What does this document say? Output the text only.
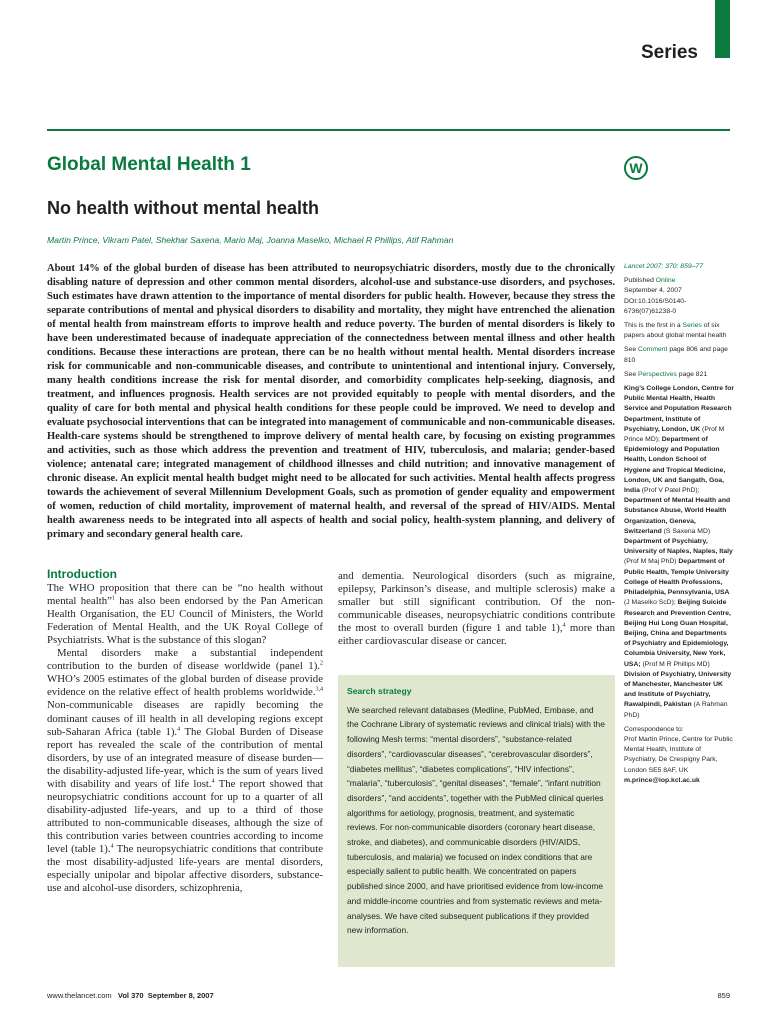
Series
Global Mental Health 1	W
No health without mental health
Martin Prince, Vikram Patel, Shekhar Saxena, Mario Maj, Joanna Maselko, Michael R Phillips, Atif Rahman

About 14% of the global burden of disease has been attributed to neuropsychiatric disorders, mostly due to the chronically disabling nature of depression and other common mental disorders, alcohol-use and substance-use disorders, and psychoses. Such estimates have drawn attention to the importance of mental disorders for public health. However, because they stress the separate contributions of mental and physical disorders to disability and mortality, they might have entrenched the alienation of mental health from mainstream efforts to improve health and reduce poverty. The burden of mental disorders is likely to have been underestimated because of inadequate appreciation of the connectedness between mental illness and other health conditions. Because these interactions are protean, there can be no health without mental health. Mental disorders increase risk for communicable and non-communicable diseases, and contribute to unintentional and intentional injury. Conversely, many health conditions increase the risk for mental disorder, and comorbidity complicates help-seeking, diagnosis, and treatment, and influences prognosis. Health services are not provided equitably to people with mental disorders, and the quality of care for both mental and physical health conditions for these people could be improved. We need to develop and evaluate psychosocial interventions that can be integrated into management of communicable and non-communicable diseases. Health-care systems should be strengthened to improve delivery of mental health care, by focusing on existing programmes and activities, such as those which address the prevention and treatment of HIV, tuberculosis, and malaria; gender-based violence; antenatal care; integrated management of childhood illnesses and child nutrition; and innovative management of chronic disease. An explicit mental health budget might need to be allocated for such activities. Mental health affects progress towards the achievement of several Millennium Development Goals, such as promotion of gender equality and empowerment of women, reduction of child mortality, improvement of maternal health, and reversal of the spread of HIV/AIDS. Mental health awareness needs to be integrated into all aspects of health and social policy, health-system planning, and delivery of primary and secondary general health care.

Introduction

The WHO proposition that there can be “no health without mental health”$^1$ has also been endorsed by the Pan American Health Organisation, the EU Council of Ministers, the World Federation of Mental Health, and the UK Royal College of Psychiatrists. What is the substance of this slogan?

Mental disorders make a substantial independent contribution to the burden of disease worldwide (panel 1).$^2$ WHO’s 2005 estimates of the global burden of disease provide evidence on the relative effect of health problems worldwide.$^{3,4}$ Non-communicable diseases are rapidly becoming the dominant causes of ill health in all developing regions except sub-Saharan Africa (table 1).$^4$ The Global Burden of Disease report has revealed the scale of the contribution of mental disorders, by use of an integrated measure of disease burden—the disability-adjusted life-year, which is the sum of years lived with disability and years of life lost.$^4$ The report showed that neuropsychiatric conditions account for up to a quarter of all disability-adjusted life-years, and up to a third of those attributed to non-communicable diseases, although the size of this contribution varies between countries according to income level (table 1).$^4$ The neuropsychiatric conditions that contribute the most disability-adjusted life-years are mental disorders, especially unipolar and bipolar affective disorders, substance-use and alcohol-use disorders, schizophrenia,

and dementia. Neurological disorders (such as migraine, epilepsy, Parkinson’s disease, and multiple sclerosis) make a smaller but still significant contribution. Of the non-communicable diseases, neuropsychiatric conditions contribute the most to overall burden (figure 1 and table 1),$^4$ more than either cardiovascular disease or cancer.

Search strategy

We searched relevant databases (Medline, PubMed, Embase, and the Cochrane Library of systematic reviews and clinical trials) with the following Mesh terms: “mental disorders”, “substance-related disorders”, “cardiovascular diseases”, “cerebrovascular disorders”, “diabetes mellitus”, “diabetes complications”, “HIV infections”, “malaria”, “tuberculosis”, “genital diseases”, “female”, “infant nutrition disorders”, “and accidents”, together with the PubMed clinical queries algorithms for aetiology, prognosis, treatment, and systematic reviews. For non-communicable disorders (coronary heart disease, stroke, and diabetes), and communicable disorders (HIV/AIDS, tuberculosis, and malaria) we focused on index conditions that are especially salient to public health. We concentrated on papers published since 2000, and have prioritised evidence from low-income and middle-income countries and from systematic reviews and meta-analyses. We have cited subsequent publications if they provided new information.

Lancet 2007; 370: 859–77

Published Online
September 4, 2007
DOI:10.1016/S0140-6736(07)61238-0

This is the first in a Series of six papers about global mental health

See Comment page 806 and page 810

See Perspectives page 821

King’s College London, Centre for Public Mental Health, Health Service and Population Research Department, Institute of Psychiatry, London, UK (Prof M Prince MD); Department of Epidemiology and Population Health, London School of Hygiene and Tropical Medicine, London, UK and Sangath, Goa, India (Prof V Patel PhD); Department of Mental Health and Substance Abuse, World Health Organization, Geneva, Switzerland (S Saxena MD) Department of Psychiatry, University of Naples, Naples, Italy (Prof M Maj PhD) Department of Public Health, Temple University College of Health Professions, Philadelphia, Pennsylvania, USA (J Maselko ScD); Beijing Suicide Research and Prevention Centre, Beijing Hui Long Guan Hospital, Beijing, China and Departments of Psychiatry and Epidemiology, Columbia University, New York, USA; (Prof M R Phillips MD) Division of Psychiatry, University of Manchester, Manchester UK and Institute of Psychiatry, Rawalpindi, Pakistan (A Rahman PhD)

Correspondence to:
Prof Martin Prince, Centre for Public Mental Health, Institute of Psychiatry, De Crespigny Park, London SE5 8AF, UK
m.prince@iop.kcl.ac.uk

www.thelancet.com Vol 370 September 8, 2007	859
